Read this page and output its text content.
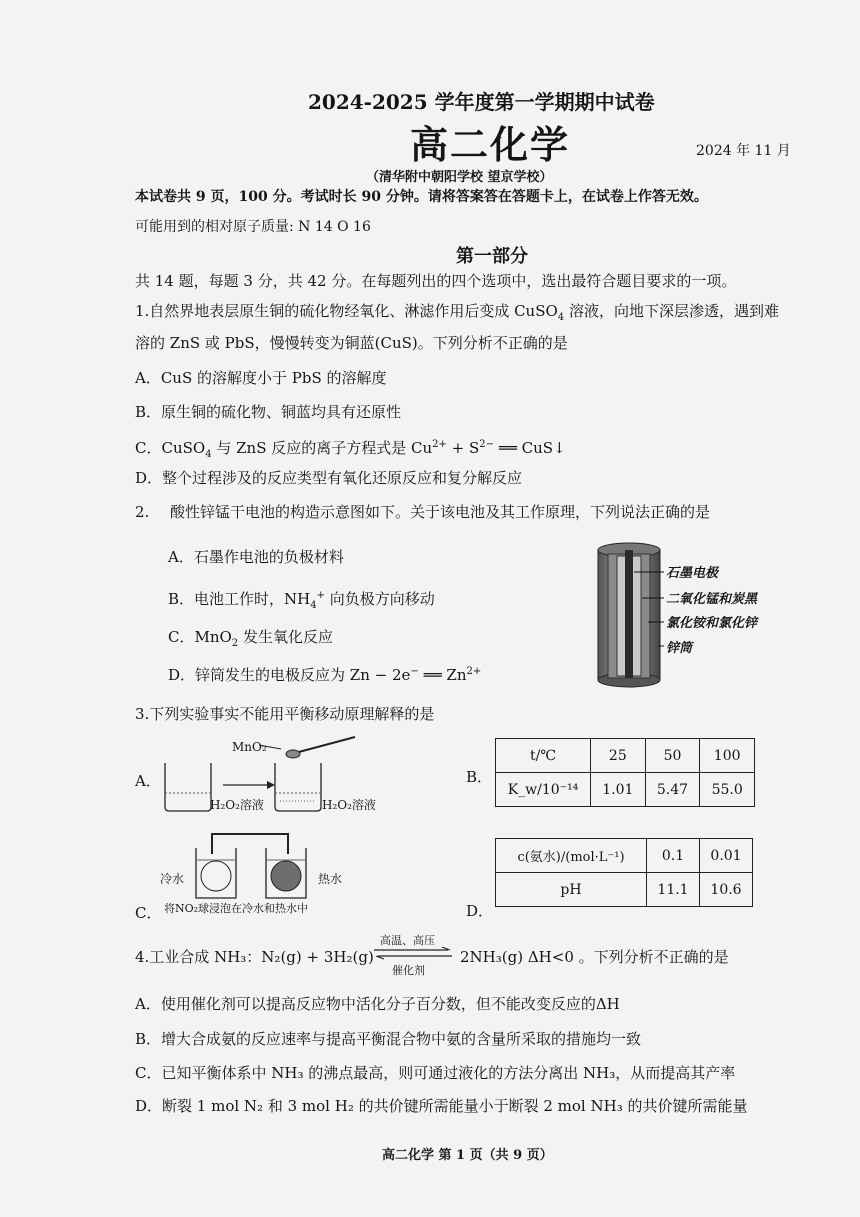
2024-2025 学年度第一学期期中试卷
高二化学	2024 年 11 月
（清华附中朝阳学校 望京学校）
本试卷共 9 页，100 分。考试时长 90 分钟。请将答案答在答题卡上，在试卷上作答无效。
可能用到的相对原子质量: N 14 O 16
第一部分
共 14 题，每题 3 分，共 42 分。在每题列出的四个选项中，选出最符合题目要求的一项。
1.自然界地表层原生铜的硫化物经氧化、淋滤作用后变成 CuSO$_4$ 溶液，向地下深层渗透，遇到难
溶的 ZnS 或 PbS，慢慢转变为铜蓝(CuS)。下列分析不正确的是
A．CuS 的溶解度小于 PbS 的溶解度
B．原生铜的硫化物、铜蓝均具有还原性
C．CuSO$_4$ 与 ZnS 反应的离子方程式是 $Cu^{2+} + S^{2-}$ ══ CuS↓
D．整个过程涉及的反应类型有氧化还原反应和复分解反应
2. 酸性锌锰干电池的构造示意图如下。关于该电池及其工作原理，下列说法正确的是
A．石墨作电池的负极材料
B．电池工作时，$NH_4^+$ 向负极方向移动
C．MnO$_2$ 发生氧化反应
D．锌筒发生的电极反应为 Zn − 2e− ══ $Zn^{2+}$
石墨电极
二氧化锰和炭黑
氯化铵和氯化锌
锌筒
3.下列实验事实不能用平衡移动原理解释的是
A．
MnO₂
H₂O₂溶液	H₂O₂溶液
B．
t/℃	25	50	100
K_w/10⁻¹⁴	1.01	5.47	55.0
冷水	热水
C． 将NO₂球浸泡在冷水和热水中
c(氨水)/(mol·L⁻¹)	0.1	0.01
pH	11.1	10.6
D．
4.工业合成 NH₃：N₂(g) + 3H₂(g)
高温、高压
催化剂
2NH₃(g) ΔH<0 。下列分析不正确的是
A．使用催化剂可以提高反应物中活化分子百分数，但不能改变反应的ΔH
B．增大合成氨的反应速率与提高平衡混合物中氨的含量所采取的措施均一致
C．已知平衡体系中 NH₃ 的沸点最高，则可通过液化的方法分离出 NH₃，从而提高其产率
D．断裂 1 mol N₂ 和 3 mol H₂ 的共价键所需能量小于断裂 2 mol NH₃ 的共价键所需能量
高二化学 第 1 页（共 9 页）
